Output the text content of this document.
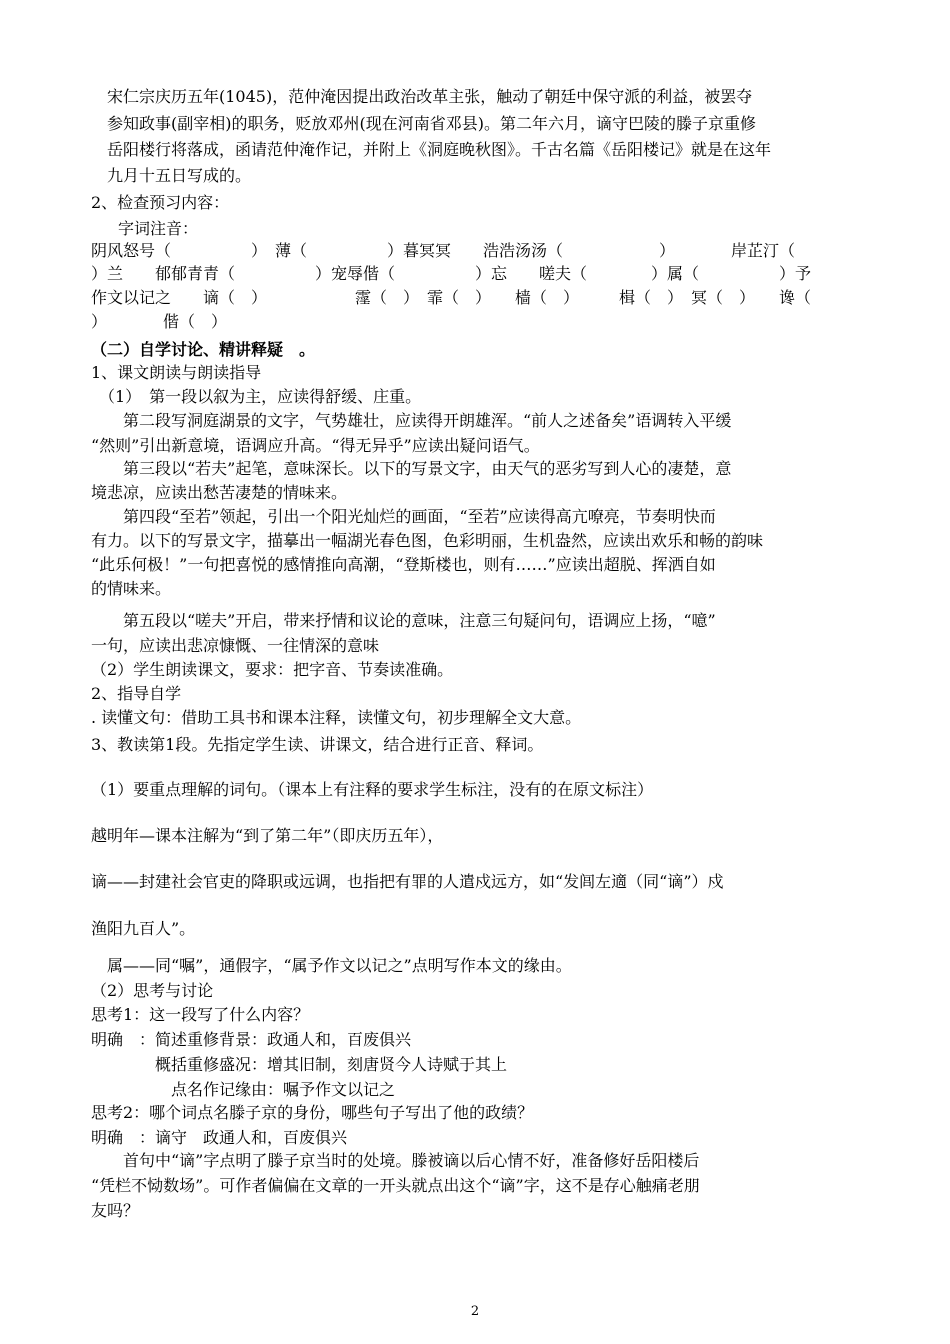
　宋仁宗庆历五年(1045)，范仲淹因提出政治改革主张，触动了朝廷中保守派的利益，被罢夺
　参知政事(副宰相)的职务，贬放邓州(现在河南省邓县)。第二年六月，谪守巴陵的滕子京重修
　岳阳楼行将落成，函请范仲淹作记，并附上《洞庭晚秋图》。千古名篇《岳阳楼记》就是在这年
　九月十五日写成的。
2、检查预习内容：
　字词注音：
阴风怒号（　　　　　）　薄（　　　　　）暮冥冥　　浩浩汤汤（　　　　　　）　　　　岸芷汀（
）兰　　郁郁青青（　　　　　）宠辱偕（　　　　　）忘　　嗟夫（　　　　）属（　　　　　）予
作文以记之　　谪（　）　　　　　　霪（　）　霏（　）　　樯（　）　　　楫（　）　冥（　）　　谗（
）　　　　偕（　）
（二）自学讨论、精讲释疑　。
1、课文朗读与朗读指导
　（1）　第一段以叙为主，应读得舒缓、庄重。
　　第二段写洞庭湖景的文字，气势雄壮，应读得开朗雄浑。“前人之述备矣”语调转入平缓
“然则”引出新意境，语调应升高。“得无异乎”应读出疑问语气。
　　第三段以“若夫”起笔，意味深长。以下的写景文字，由天气的恶劣写到人心的凄楚，意
境悲凉，应读出愁苦凄楚的情味来。
　　第四段“至若”领起，引出一个阳光灿烂的画面，“至若”应读得高亢嘹亮，节奏明快而
有力。以下的写景文字，描摹出一幅湖光春色图，色彩明丽，生机盎然，应读出欢乐和畅的韵味
“此乐何极！”一句把喜悦的感情推向高潮，“登斯楼也，则有……”应读出超脱、挥洒自如
的情味来。
　　第五段以“嗟夫”开启，带来抒情和议论的意味，注意三句疑问句，语调应上扬，“噫”
一句，应读出悲凉慷慨、一往情深的意味
（2）学生朗读课文，要求：把字音、节奏读准确。
2、指导自学
. 读懂文句：借助工具书和课本注释，读懂文句，初步理解全文大意。
3、教读第1段。先指定学生读、讲课文，结合进行正音、释词。
（1）要重点理解的词句。（课本上有注释的要求学生标注，没有的在原文标注）
越明年—课本注解为“到了第二年”（即庆历五年），
谪——封建社会官吏的降职或远调，也指把有罪的人遣戍远方，如“发闾左適（同“谪”）戍
渔阳九百人”。
　属——同“嘱”，通假字，“属予作文以记之”点明写作本文的缘由。
（2）思考与讨论
思考1：这一段写了什么内容？
明确　：简述重修背景：政通人和，百废俱兴
　　　　概括重修盛况：增其旧制，刻唐贤今人诗赋于其上
　　　　　点名作记缘由：嘱予作文以记之
思考2：哪个词点名滕子京的身份，哪些句子写出了他的政绩？
明确　：谪守　政通人和，百废俱兴
　　首句中“谪”字点明了滕子京当时的处境。滕被谪以后心情不好，准备修好岳阳楼后
“凭栏不恸数场”。可作者偏偏在文章的一开头就点出这个“谪”字，这不是存心触痛老朋
友吗？
2
